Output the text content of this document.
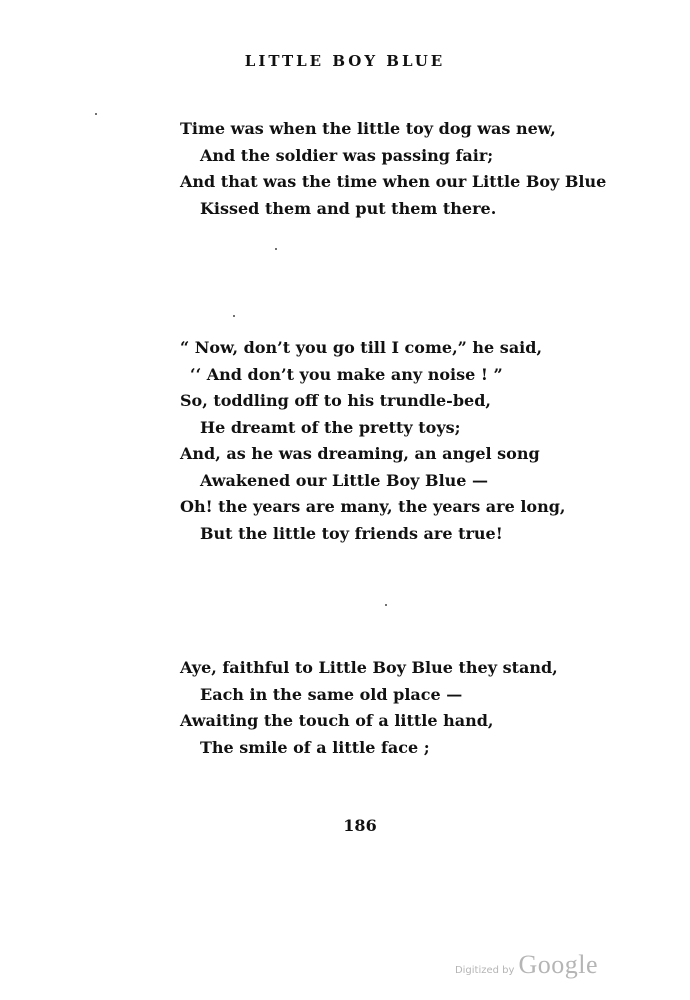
LITTLE BOY BLUE
Time was when the little toy dog was new,
And the soldier was passing fair;
And that was the time when our Little Boy Blue
Kissed them and put them there.
“ Now, don’t you go till I come,” he said,
‘‘ And don’t you make any noise ! ”
So, toddling off to his trundle-bed,
He dreamt of the pretty toys;
And, as he was dreaming, an angel song
Awakened our Little Boy Blue —
Oh! the years are many, the years are long,
But the little toy friends are true!
Aye, faithful to Little Boy Blue they stand,
Each in the same old place —
Awaiting the touch of a little hand,
The smile of a little face ;
186
Digitized by Google
